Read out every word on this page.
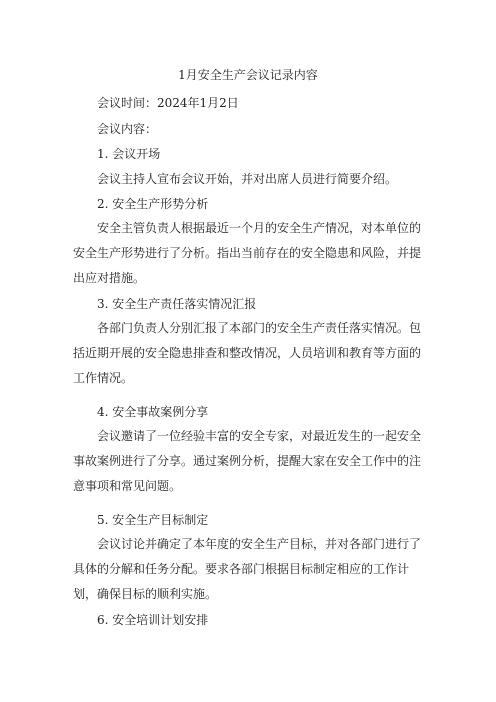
1月安全生产会议记录内容

会议时间：2024年1月2日

会议内容：

1. 会议开场

会议主持人宣布会议开始，并对出席人员进行简要介绍。

2. 安全生产形势分析

安全主管负责人根据最近一个月的安全生产情况，对本单位的安全生产形势进行了分析。指出当前存在的安全隐患和风险，并提出应对措施。

3. 安全生产责任落实情况汇报

各部门负责人分别汇报了本部门的安全生产责任落实情况。包括近期开展的安全隐患排查和整改情况，人员培训和教育等方面的工作情况。

4. 安全事故案例分享

会议邀请了一位经验丰富的安全专家，对最近发生的一起安全事故案例进行了分享。通过案例分析，提醒大家在安全工作中的注意事项和常见问题。

5. 安全生产目标制定

会议讨论并确定了本年度的安全生产目标，并对各部门进行了具体的分解和任务分配。要求各部门根据目标制定相应的工作计划，确保目标的顺利实施。

6. 安全培训计划安排
